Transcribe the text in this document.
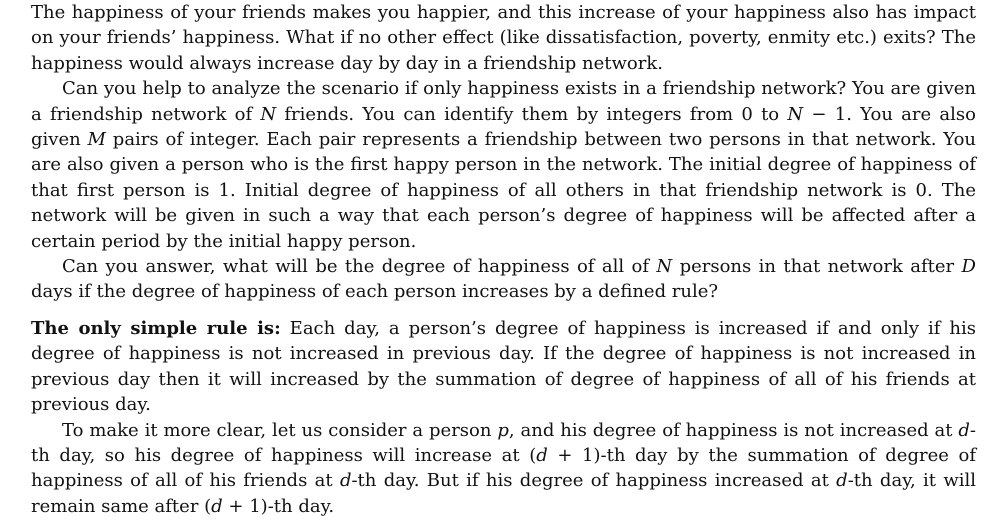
The happiness of your friends makes you happier, and this increase of your happiness also has impact on your friends’ happiness. What if no other effect (like dissatisfaction, poverty, enmity etc.) exits? The happiness would always increase day by day in a friendship network.

Can you help to analyze the scenario if only happiness exists in a friendship network? You are given a friendship network of N friends. You can identify them by integers from 0 to N − 1. You are also given M pairs of integer. Each pair represents a friendship between two persons in that network. You are also given a person who is the first happy person in the network. The initial degree of happiness of that first person is 1. Initial degree of happiness of all others in that friendship network is 0. The network will be given in such a way that each person’s degree of happiness will be affected after a certain period by the initial happy person.

Can you answer, what will be the degree of happiness of all of N persons in that network after D days if the degree of happiness of each person increases by a defined rule?

The only simple rule is: Each day, a person’s degree of happiness is increased if and only if his degree of happiness is not increased in previous day. If the degree of happiness is not increased in previous day then it will increased by the summation of degree of happiness of all of his friends at previous day.

To make it more clear, let us consider a person p, and his degree of happiness is not increased at d-th day, so his degree of happiness will increase at (d + 1)-th day by the summation of degree of happiness of all of his friends at d-th day. But if his degree of happiness increased at d-th day, it will remain same after (d + 1)-th day.
